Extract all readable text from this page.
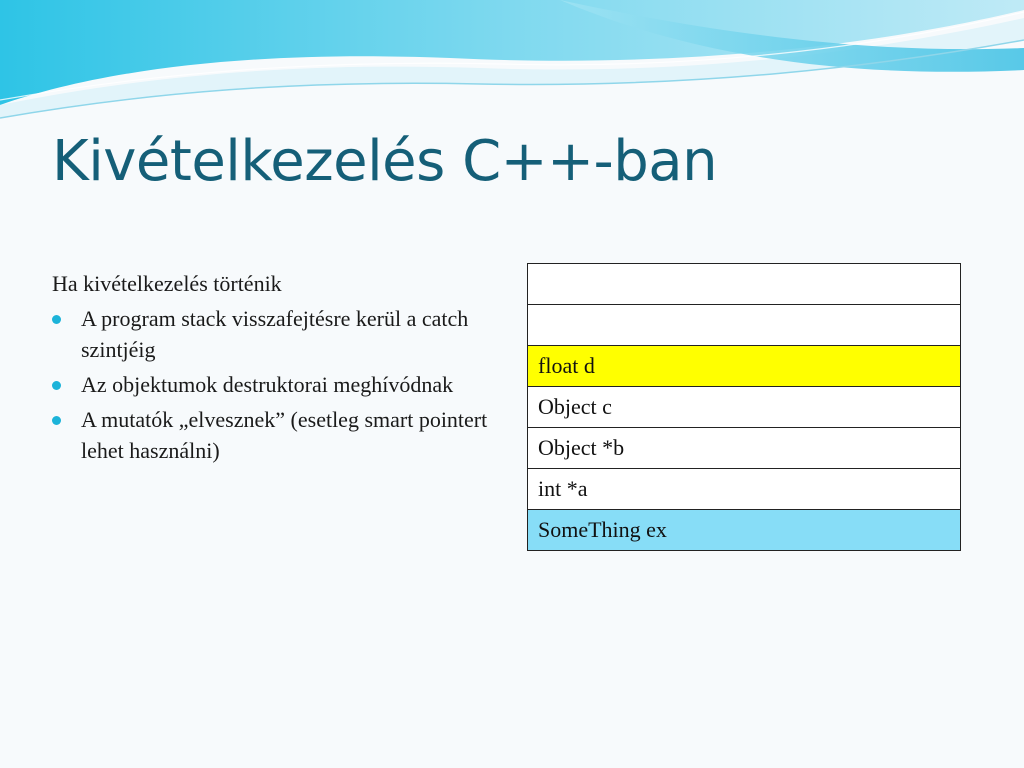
Kivételkezelés C++-ban

Ha kivételkezelés történik

A program stack visszafejtésre kerül a catch szintjéig
Az objektumok destruktorai meghívódnak
A mutatók „elvesznek” (esetleg smart pointert lehet használni)

float d
Object c
Object *b
int *a
SomeThing ex
